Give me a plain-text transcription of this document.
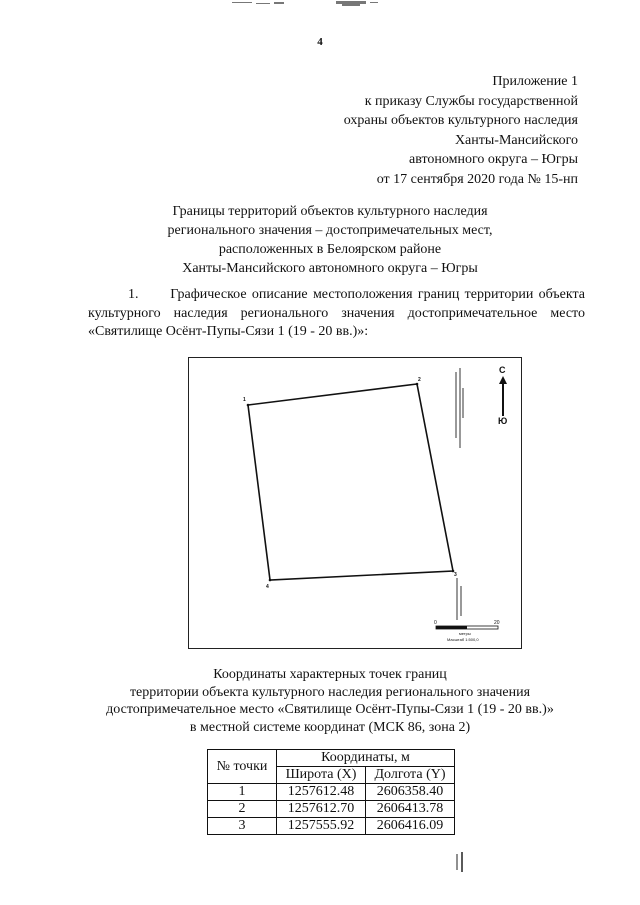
4
Приложение 1
к приказу Службы государственной
охраны объектов культурного наследия
Ханты-Мансийского
автономного округа – Югры
от 17 сентября 2020 года № 15-нп
Границы территорий объектов культурного наследия
регионального значения – достопримечательных мест,
расположенных в Белоярском районе
Ханты-Мансийского автономного округа – Югры
1.      Графическое описание местоположения границ территории объекта культурного наследия регионального значения достопримечательное место «Святилище Осёнт-Пупы-Сязи 1 (19 - 20 вв.)»:
1
2
3
4
С
Ю
0	20
метры
Масштаб 1:500,0
Координаты характерных точек границ
территории объекта культурного наследия регионального значения
достопримечательное место «Святилище Осёнт-Пупы-Сязи 1 (19 - 20 вв.)»
в местной системе координат (МСК 86, зона 2)
№ точки	Координаты, м	
	Широта (X)	Долгота (Y)
1	1257612.48	2606358.40
2	1257612.70	2606413.78
3	1257555.92	2606416.09
